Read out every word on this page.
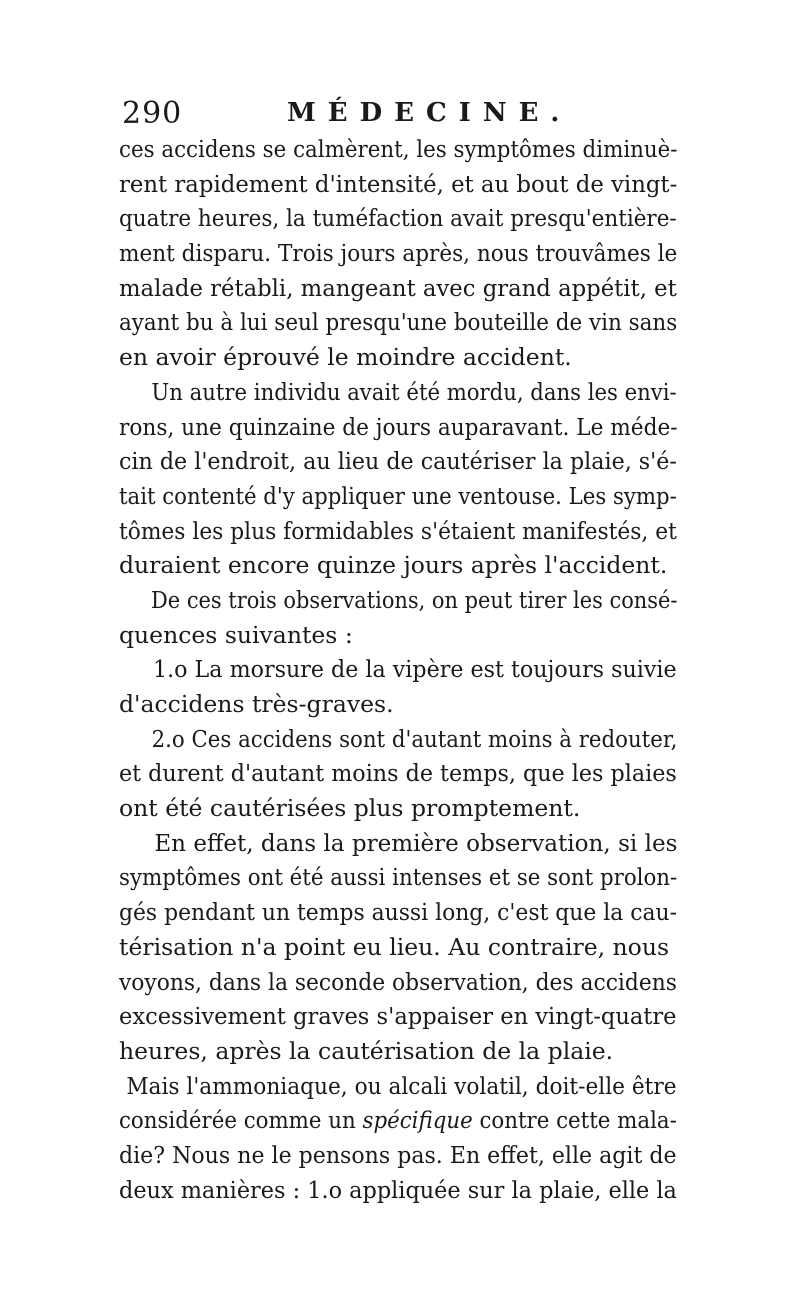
290	MÉDECINE.
ces accidens se calmèrent, les symptômes diminuè-
rent rapidement d'intensité, et au bout de vingt-
quatre heures, la tuméfaction avait presqu'entière-
ment disparu. Trois jours après, nous trouvâmes le
malade rétabli, mangeant avec grand appétit, et
ayant bu à lui seul presqu'une bouteille de vin sans
en avoir éprouvé le moindre accident.
Un autre individu avait été mordu, dans les envi-
rons, une quinzaine de jours auparavant. Le méde-
cin de l'endroit, au lieu de cautériser la plaie, s'é-
tait contenté d'y appliquer une ventouse. Les symp-
tômes les plus formidables s'étaient manifestés, et
duraient encore quinze jours après l'accident.
De ces trois observations, on peut tirer les consé-
quences suivantes :
1.o La morsure de la vipère est toujours suivie
d'accidens très-graves.
2.o Ces accidens sont d'autant moins à redouter,
et durent d'autant moins de temps, que les plaies
ont été cautérisées plus promptement.
En effet, dans la première observation, si les
symptômes ont été aussi intenses et se sont prolon-
gés pendant un temps aussi long, c'est que la cau-
térisation n'a point eu lieu. Au contraire, nous
voyons, dans la seconde observation, des accidens
excessivement graves s'appaiser en vingt-quatre
heures, après la cautérisation de la plaie.
Mais l'ammoniaque, ou alcali volatil, doit-elle être
considérée comme un spécifique contre cette mala-
die? Nous ne le pensons pas. En effet, elle agit de
deux manières : 1.o appliquée sur la plaie, elle la
